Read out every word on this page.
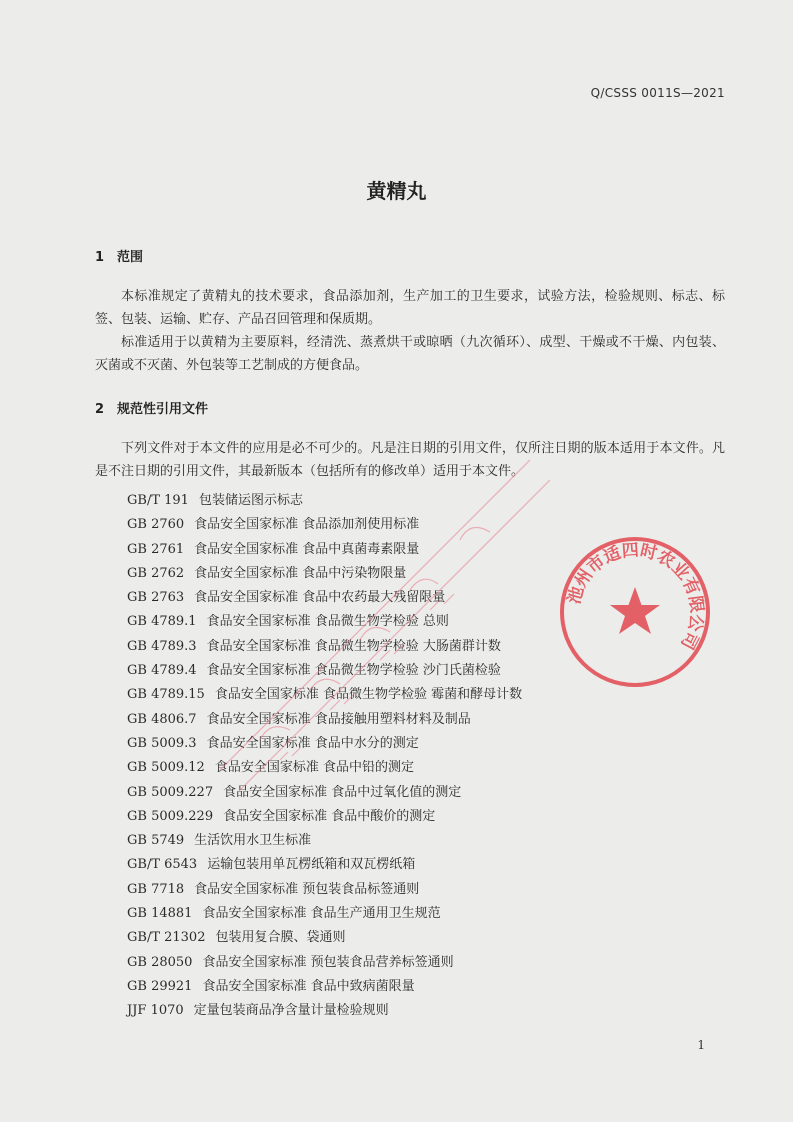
Q/CSSS 0011S—2021
黄精丸
1 范围
本标准规定了黄精丸的技术要求，食品添加剂，生产加工的卫生要求，试验方法，检验规则、标志、标签、包装、运输、贮存、产品召回管理和保质期。
标准适用于以黄精为主要原料，经清洗、蒸煮烘干或晾晒（九次循环）、成型、干燥或不干燥、内包装、灭菌或不灭菌、外包装等工艺制成的方便食品。
2 规范性引用文件
下列文件对于本文件的应用是必不可少的。凡是注日期的引用文件，仅所注日期的版本适用于本文件。凡是不注日期的引用文件，其最新版本（包括所有的修改单）适用于本文件。
GB/T 191 包装储运图示标志
GB 2760 食品安全国家标准 食品添加剂使用标准
GB 2761 食品安全国家标准 食品中真菌毒素限量
GB 2762 食品安全国家标准 食品中污染物限量
GB 2763 食品安全国家标准 食品中农药最大残留限量
GB 4789.1 食品安全国家标准 食品微生物学检验 总则
GB 4789.3 食品安全国家标准 食品微生物学检验 大肠菌群计数
GB 4789.4 食品安全国家标准 食品微生物学检验 沙门氏菌检验
GB 4789.15 食品安全国家标准 食品微生物学检验 霉菌和酵母计数
GB 4806.7 食品安全国家标准 食品接触用塑料材料及制品
GB 5009.3 食品安全国家标准 食品中水分的测定
GB 5009.12 食品安全国家标准 食品中铅的测定
GB 5009.227 食品安全国家标准 食品中过氧化值的测定
GB 5009.229 食品安全国家标准 食品中酸价的测定
GB 5749 生活饮用水卫生标准
GB/T 6543 运输包装用单瓦楞纸箱和双瓦楞纸箱
GB 7718 食品安全国家标准 预包装食品标签通则
GB 14881 食品安全国家标准 食品生产通用卫生规范
GB/T 21302 包装用复合膜、袋通则
GB 28050 食品安全国家标准 预包装食品营养标签通则
GB 29921 食品安全国家标准 食品中致病菌限量
JJF 1070 定量包装商品净含量计量检验规则
池州市适四时农业有限公司
1
